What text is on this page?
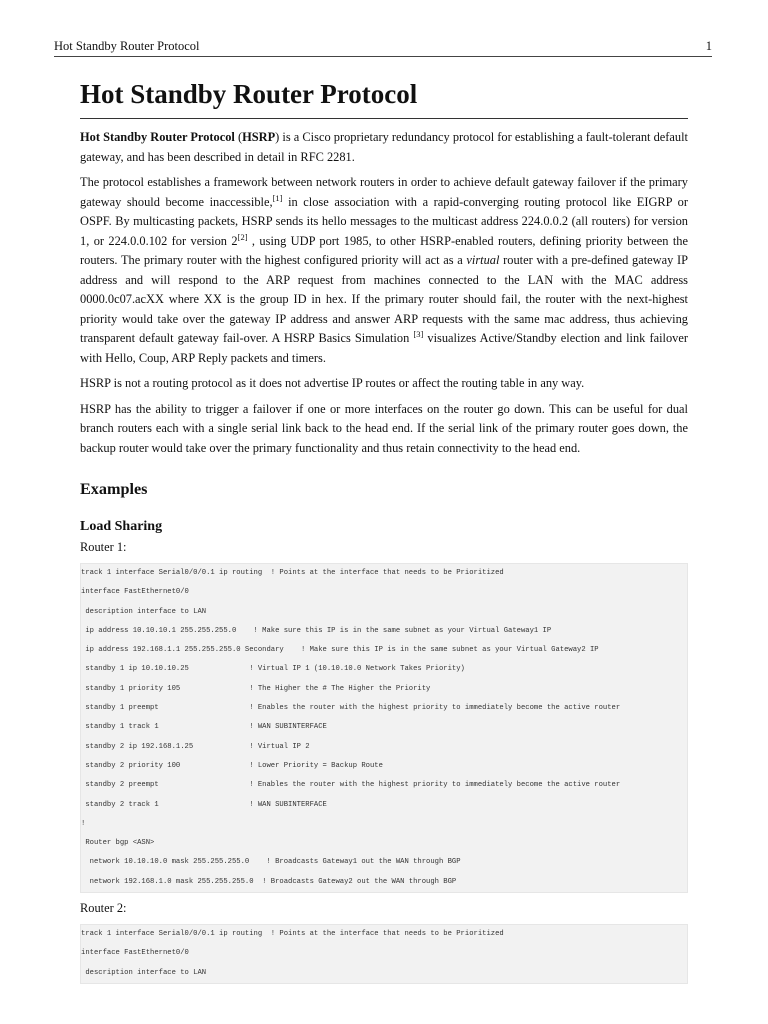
Hot Standby Router Protocol	1
Hot Standby Router Protocol

Hot Standby Router Protocol (HSRP) is a Cisco proprietary redundancy protocol for establishing a fault-tolerant default gateway, and has been described in detail in RFC 2281.

The protocol establishes a framework between network routers in order to achieve default gateway failover if the primary gateway should become inaccessible,[1] in close association with a rapid-converging routing protocol like EIGRP or OSPF. By multicasting packets, HSRP sends its hello messages to the multicast address 224.0.0.2 (all routers) for version 1, or 224.0.0.102 for version 2[2] , using UDP port 1985, to other HSRP-enabled routers, defining priority between the routers. The primary router with the highest configured priority will act as a virtual router with a pre-defined gateway IP address and will respond to the ARP request from machines connected to the LAN with the MAC address 0000.0c07.acXX where XX is the group ID in hex. If the primary router should fail, the router with the next-highest priority would take over the gateway IP address and answer ARP requests with the same mac address, thus achieving transparent default gateway fail-over. A HSRP Basics Simulation [3] visualizes Active/Standby election and link failover with Hello, Coup, ARP Reply packets and timers.

HSRP is not a routing protocol as it does not advertise IP routes or affect the routing table in any way.

HSRP has the ability to trigger a failover if one or more interfaces on the router go down. This can be useful for dual branch routers each with a single serial link back to the head end. If the serial link of the primary router goes down, the backup router would take over the primary functionality and thus retain connectivity to the head end.

Examples
Load Sharing
Router 1:
track 1 interface Serial0/0/0.1 ip routing  ! Points at the interface that needs to be Prioritized
interface FastEthernet0/0
description interface to LAN
ip address 10.10.10.1 255.255.255.0    ! Make sure this IP is in the same subnet as your Virtual Gateway1 IP
ip address 192.168.1.1 255.255.255.0 Secondary    ! Make sure this IP is in the same subnet as your Virtual Gateway2 IP
standby 1 ip 10.10.10.25              ! Virtual IP 1 (10.10.10.0 Network Takes Priority)
standby 1 priority 105                ! The Higher the # The Higher the Priority
standby 1 preempt                     ! Enables the router with the highest priority to immediately become the active router
standby 1 track 1                     ! WAN SUBINTERFACE
standby 2 ip 192.168.1.25             ! Virtual IP 2
standby 2 priority 100                ! Lower Priority = Backup Route
standby 2 preempt                     ! Enables the router with the highest priority to immediately become the active router
standby 2 track 1                     ! WAN SUBINTERFACE
!
Router bgp <ASN>
network 10.10.10.0 mask 255.255.255.0    ! Broadcasts Gateway1 out the WAN through BGP
network 192.168.1.0 mask 255.255.255.0  ! Broadcasts Gateway2 out the WAN through BGP
Router 2:
track 1 interface Serial0/0/0.1 ip routing  ! Points at the interface that needs to be Prioritized
interface FastEthernet0/0
description interface to LAN
